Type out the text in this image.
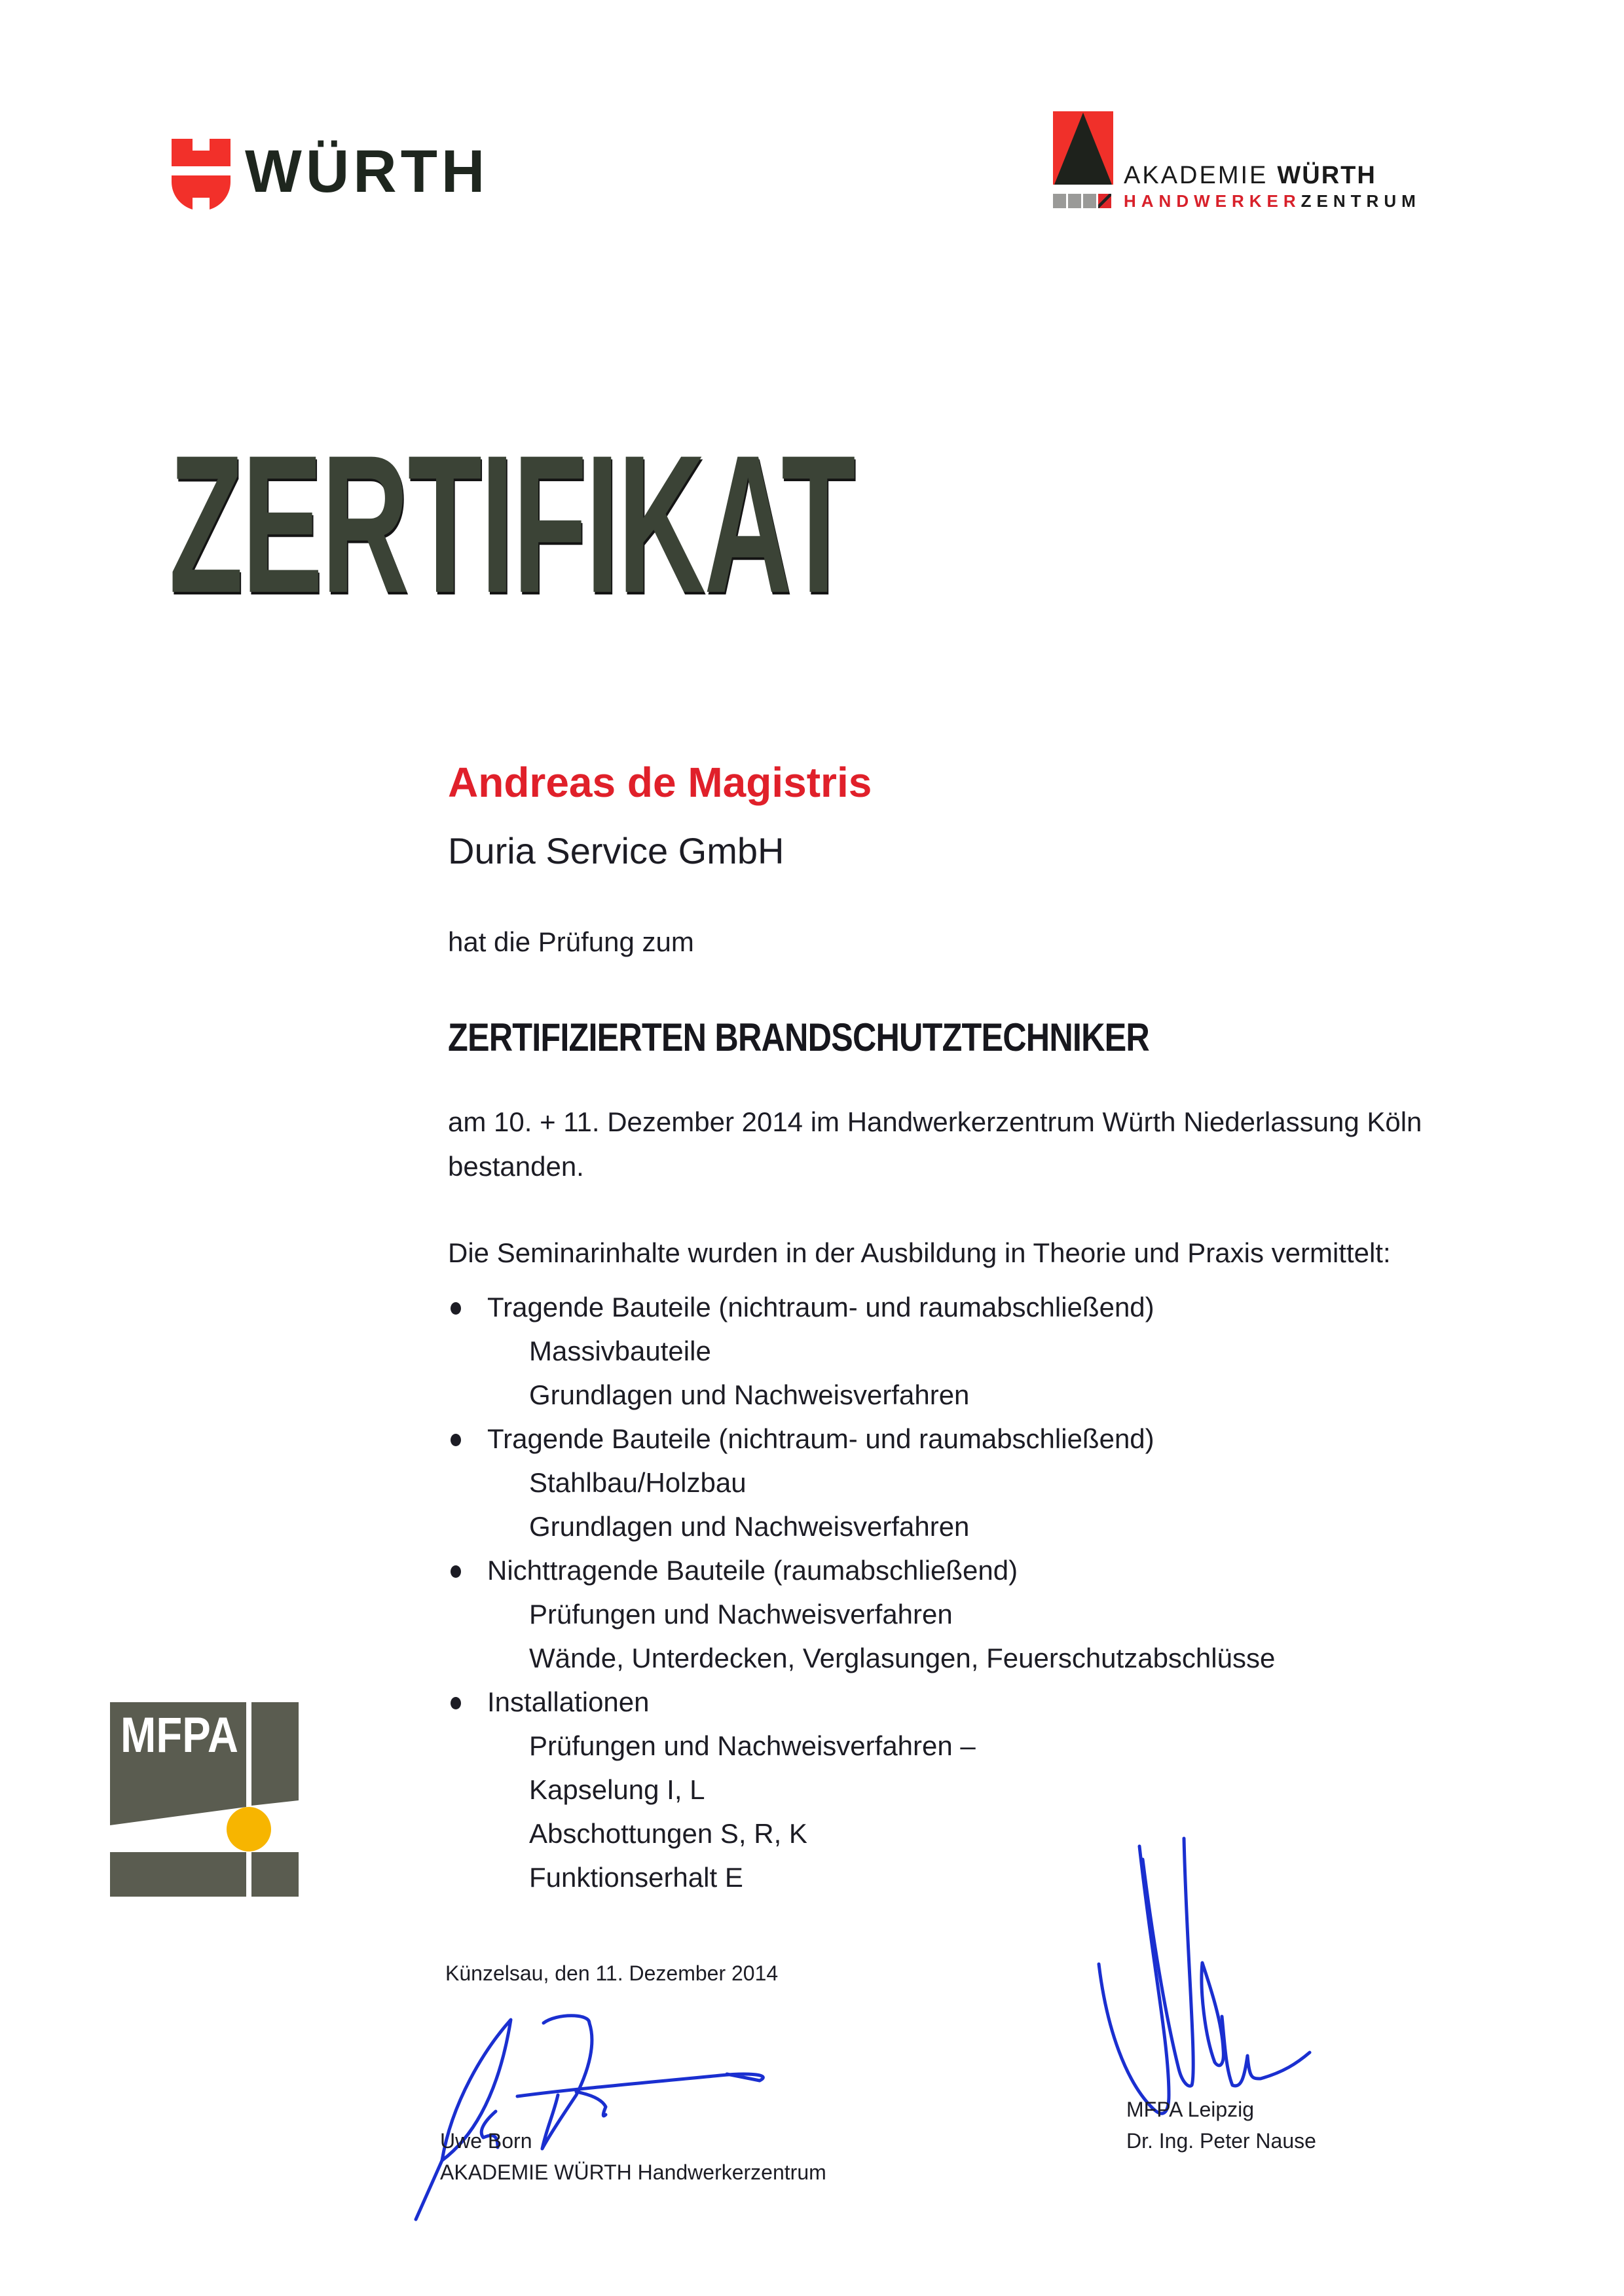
WÜRTH	AKADEMIE WÜRTH
HANDWERKERZENTRUM
ZERTIFIKAT
Andreas de Magistris
Duria Service GmbH
hat die Prüfung zum
ZERTIFIZIERTEN BRANDSCHUTZTECHNIKER
am 10. + 11. Dezember 2014 im Handwerkerzentrum Würth Niederlassung Köln
bestanden.
Die Seminarinhalte wurden in der Ausbildung in Theorie und Praxis vermittelt:
Tragende Bauteile (nichtraum- und raumabschließend)
Massivbauteile
Grundlagen und Nachweisverfahren
Tragende Bauteile (nichtraum- und raumabschließend)
Stahlbau/Holzbau
Grundlagen und Nachweisverfahren
Nichttragende Bauteile (raumabschließend)
Prüfungen und Nachweisverfahren
Wände, Unterdecken, Verglasungen, Feuerschutzabschlüsse
Installationen
Prüfungen und Nachweisverfahren –
Kapselung I, L
Abschottungen S, R, K
Funktionserhalt E
MFPA
Künzelsau, den 11. Dezember 2014
Uwe Born
AKADEMIE WÜRTH Handwerkerzentrum
MFPA Leipzig
Dr. Ing. Peter Nause
